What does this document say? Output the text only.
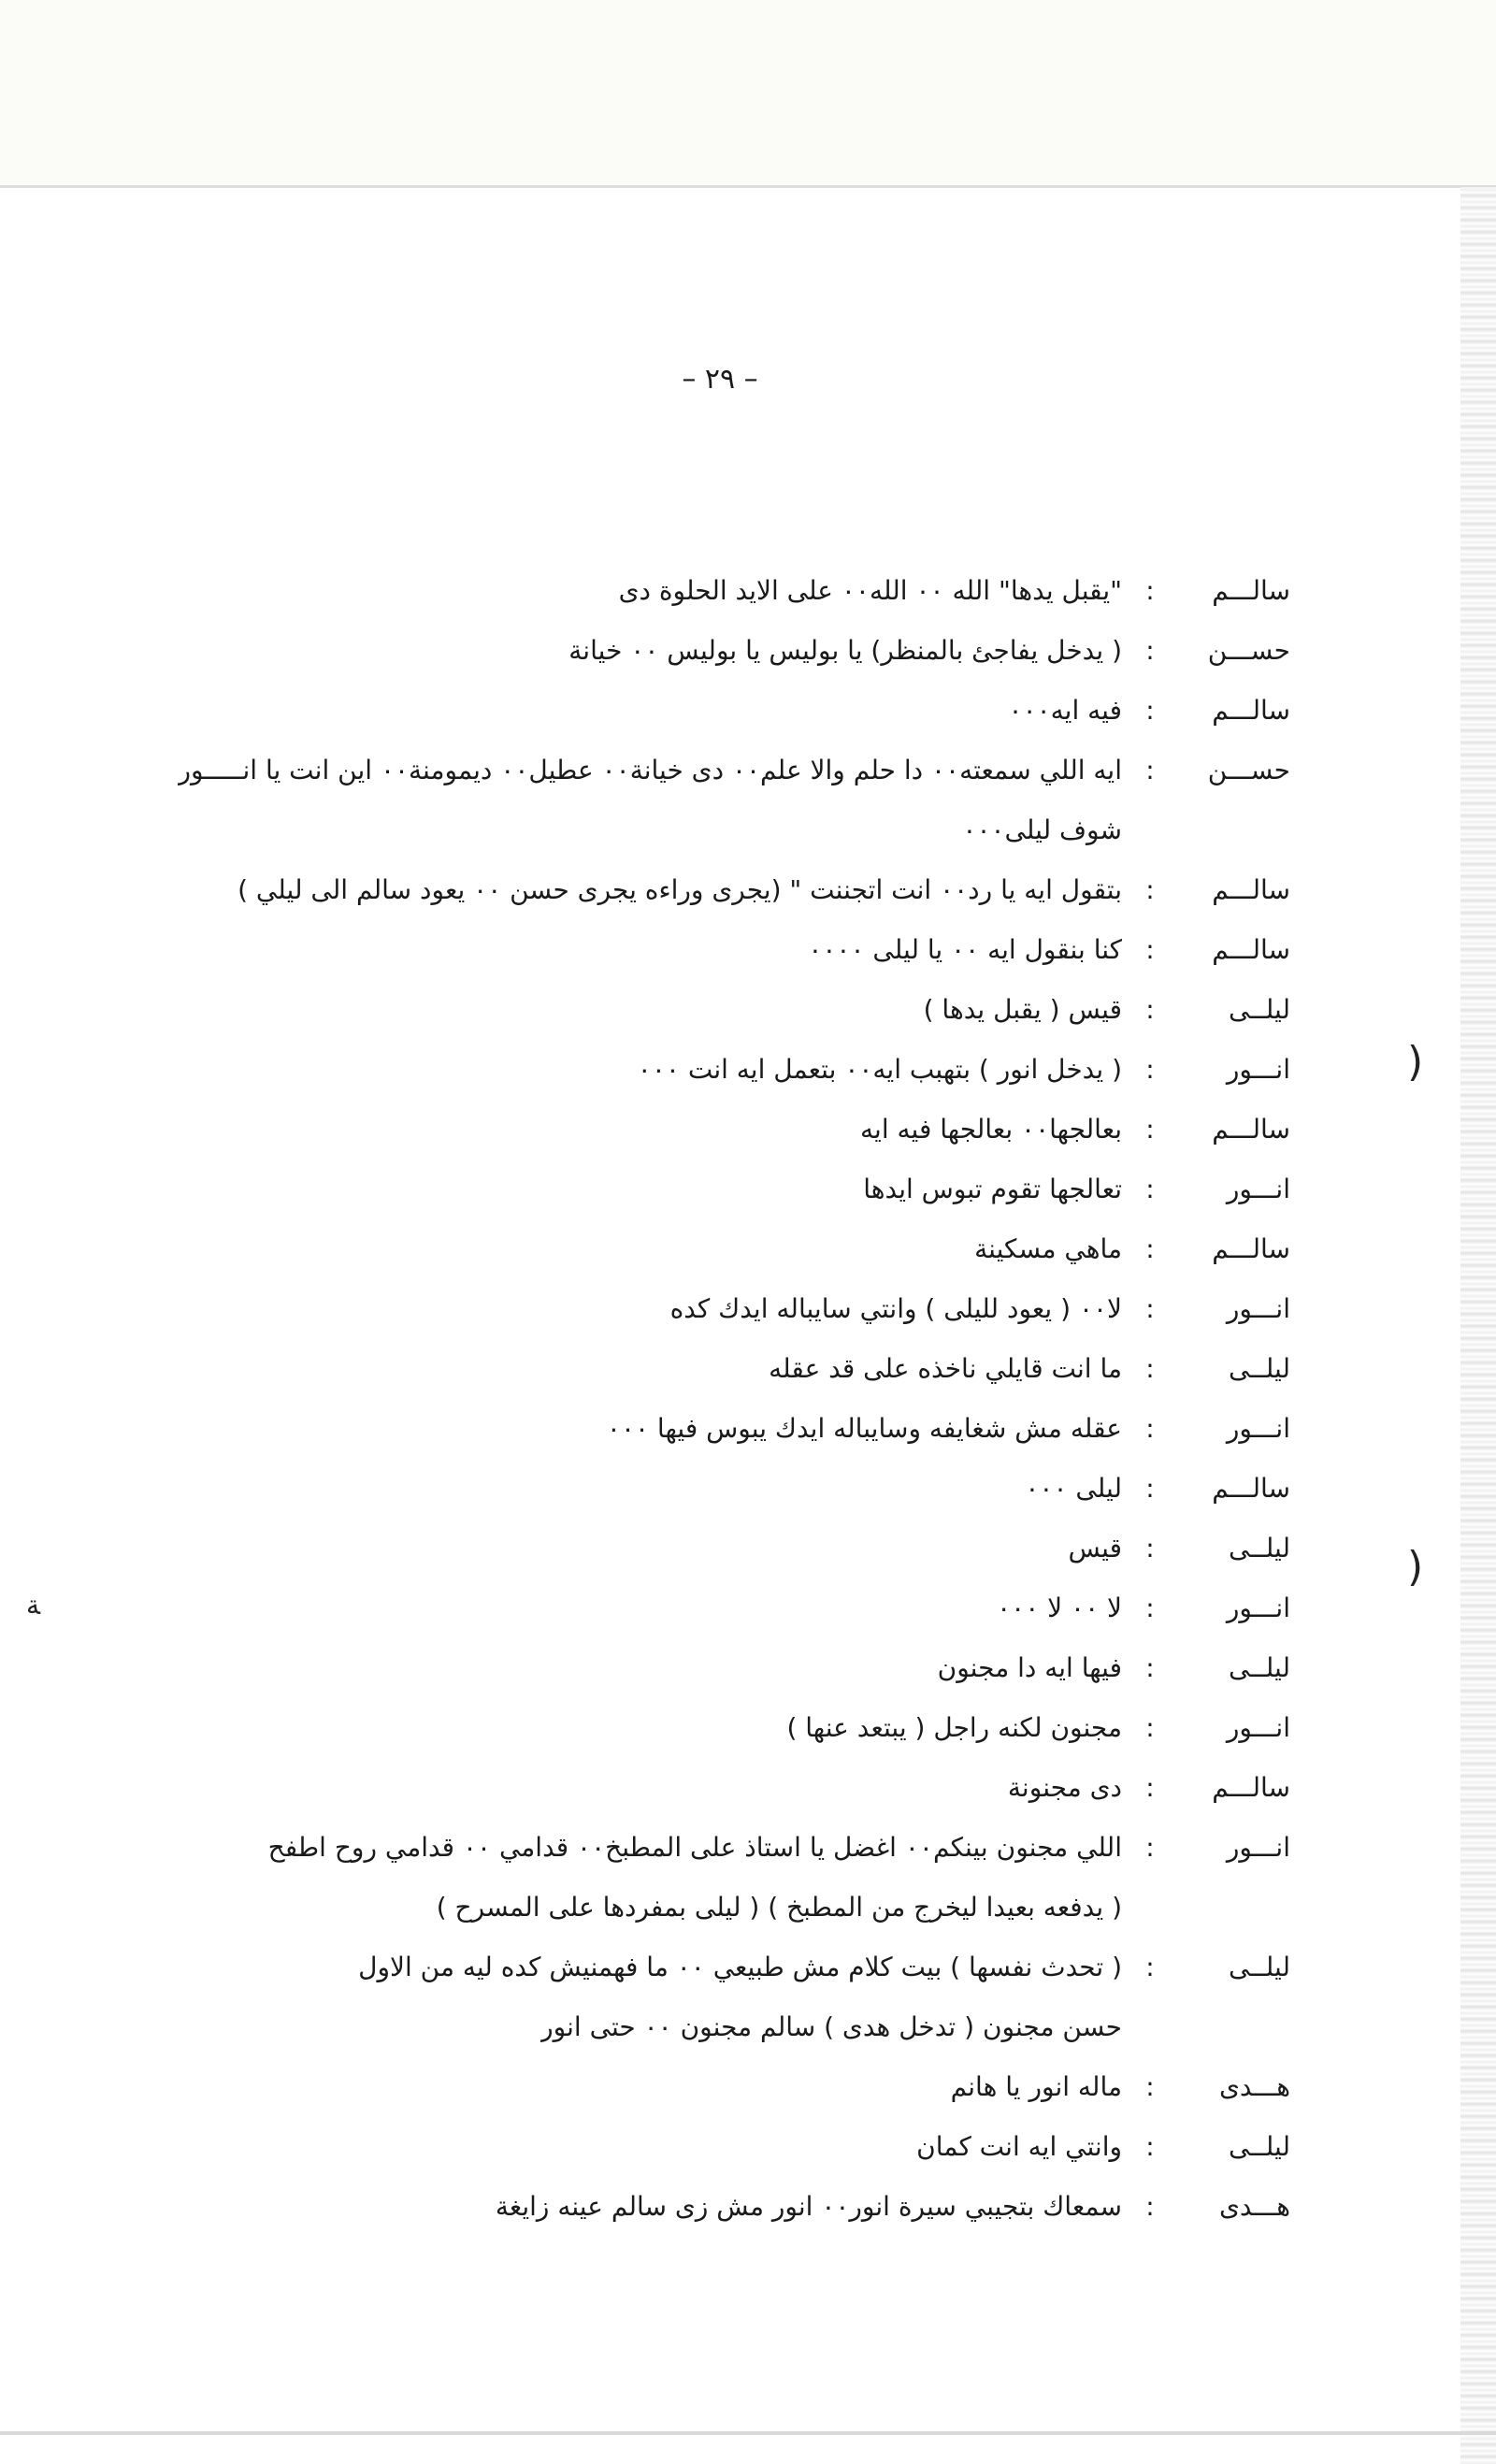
ﺔ
)
)
– ٢٩ –
سالـــم
:
"يقبل يدها" الله ٠٠ الله٠٠ على الايد الحلوة دى
حســـن
:
( يدخل يفاجئ بالمنظر) يا بوليس يا بوليس ٠٠ خيانة
سالـــم
:
فيه ايه٠٠٠
حســـن
:
ايه اللي سمعته٠٠ دا حلم والا علم٠٠ دى خيانة٠٠ عطيل٠٠ ديمومنة٠٠ اين انت يا انـــــور
شوف ليلى٠٠٠
سالـــم
:
بتقول ايه يا رد٠٠ انت اتجننت " (يجرى وراءه يجرى حسن ٠٠ يعود سالم الى ليلي )
سالـــم
:
كنا بنقول ايه ٠٠ يا ليلى ٠٠٠٠
ليلــى
:
قيس ( يقبل يدها )
انـــور
:
( يدخل انور ) بتهبب ايه٠٠ بتعمل ايه انت ٠٠٠
سالـــم
:
بعالجها٠٠ بعالجها فيه ايه
انـــور
:
تعالجها تقوم تبوس ايدها
سالـــم
:
ماهي مسكينة
انـــور
:
لا٠٠ ( يعود لليلى ) وانتي سايباله ايدك كده
ليلــى
:
ما انت قايلي ناخذه على قد عقله
انـــور
:
عقله مش شغايفه وسايباله ايدك يبوس فيها ٠٠٠
سالـــم
:
ليلى ٠٠٠
ليلــى
:
قيس
انـــور
:
لا ٠٠ لا ٠٠٠
ليلــى
:
فيها ايه دا مجنون
انـــور
:
مجنون لكنه راجل ( يبتعد عنها )
سالـــم
:
دى مجنونة
انـــور
:
اللي مجنون بينكم٠٠ اغضل يا استاذ على المطبخ٠٠ قدامي ٠٠ قدامي روح اطفح
( يدفعه بعيدا ليخرج من المطبخ ) ( ليلى بمفردها على المسرح )
ليلــى
:
( تحدث نفسها ) بيت كلام مش طبيعي ٠٠ ما فهمنيش كده ليه من الاول
حسن مجنون ( تدخل هدى ) سالم مجنون ٠٠ حتى انور
هـــدى
:
ماله انور يا هانم
ليلــى
:
وانتي ايه انت كمان
هـــدى
:
سمعاك بتجيبي سيرة انور٠٠ انور مش زى سالم عينه زايغة
